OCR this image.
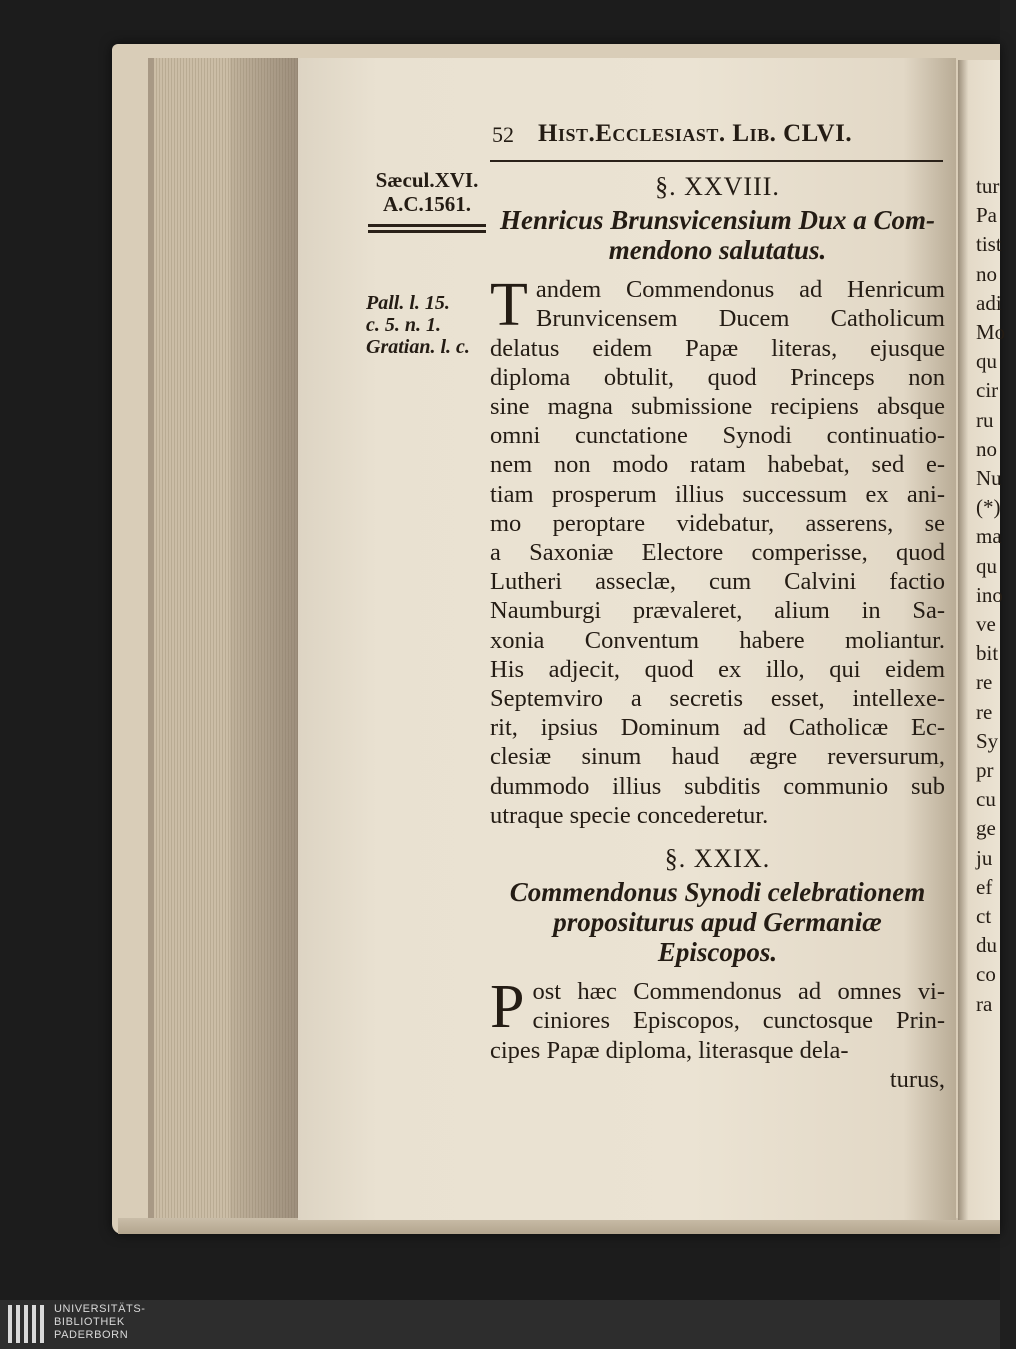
52 Hist.Ecclesiast. Lib. CLVI.
Sæcul.XVI.
A.C.1561.
Pall. l. 15.
c. 5. n. 1.
Gratian. l. c.
§. XXVIII.
Henricus Brunsvicensium Dux a Com-
mendono salutatus.
T andem Commendonus ad Henricum
Brunvicensem Ducem Catholicum
delatus eidem Papæ literas, ejusque
diploma obtulit, quod Princeps non
sine magna submissione recipiens absque
omni cunctatione Synodi continuatio-
nem non modo ratam habebat, sed e-
tiam prosperum illius successum ex ani-
mo peroptare videbatur, asserens, se
a Saxoniæ Electore comperisse, quod
Lutheri asseclæ, cum Calvini factio
Naumburgi prævaleret, alium in Sa-
xonia Conventum habere moliantur.
His adjecit, quod ex illo, qui eidem
Septemviro a secretis esset, intellexe-
rit, ipsius Dominum ad Catholicæ Ec-
clesiæ sinum haud ægre reversurum,
dummodo illius subditis communio sub
utraque specie concederetur.
§. XXIX.
Commendonus Synodi celebrationem
propositurus apud Germaniæ
Episcopos.
P ost hæc Commendonus ad omnes vi-
ciniores Episcopos, cunctosque Prin-
cipes Papæ diploma, literasque dela-
turus,
tur
Pa
tist
no
adi
Mo
qu
cir
ru
no
Nu
(*)
ma
qu
ino
ve
bit
re
re
Sy
pr
cu
ge
ju
ef
ct
du
co
ra
UNIVERSITÄTS-
BIBLIOTHEK
PADERBORN
